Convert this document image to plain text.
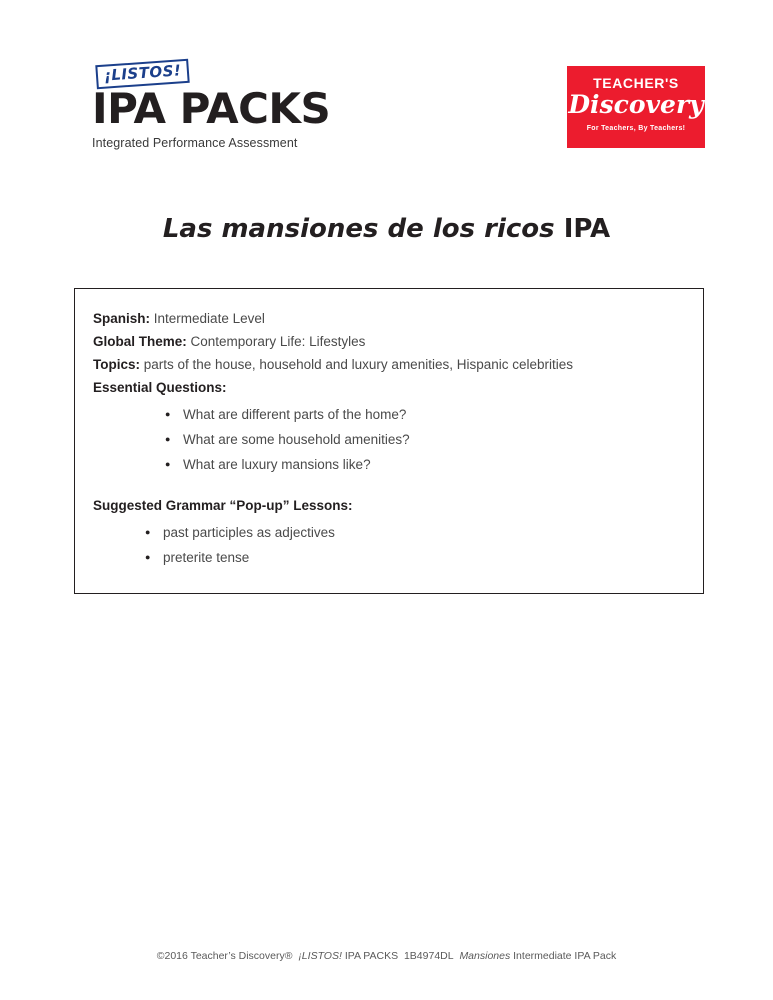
¡LISTOS!
IPA PACKS
Integrated Performance Assessment
TEACHER'S
Discovery
For Teachers, By Teachers!
Las mansiones de los ricos IPA
Spanish: Intermediate Level
Global Theme: Contemporary Life: Lifestyles
Topics: parts of the house, household and luxury amenities, Hispanic celebrities
Essential Questions:
● What are different parts of the home?
● What are some household amenities?
● What are luxury mansions like?
Suggested Grammar “Pop-up” Lessons:
● past participles as adjectives
● preterite tense
©2016 Teacher’s Discovery® ¡LISTOS! IPA PACKS 1B4974DL Mansiones Intermediate IPA Pack
